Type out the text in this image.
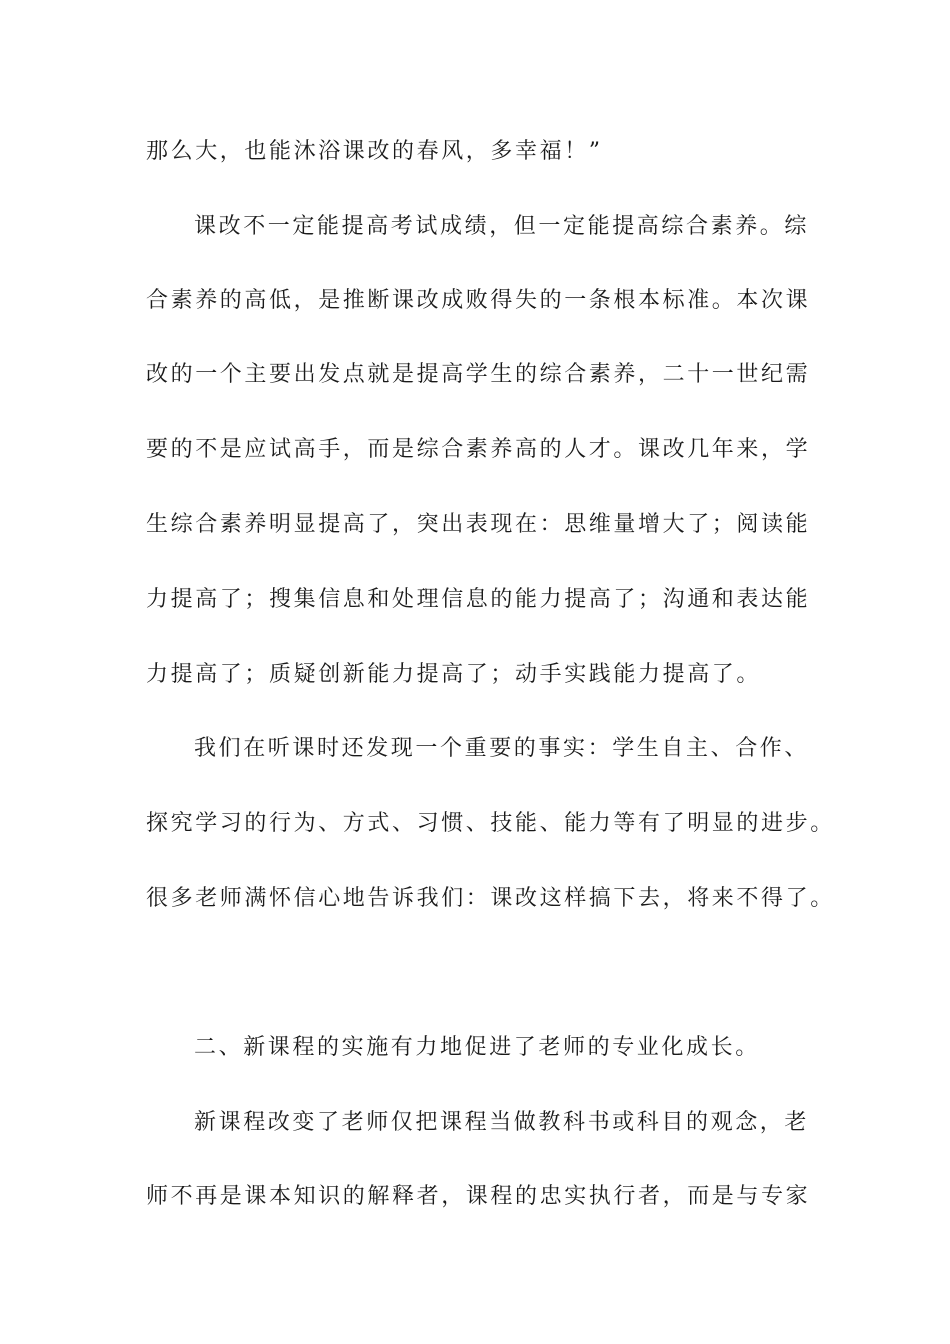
那么大，也能沐浴课改的春风，多幸福！”
课改不一定能提高考试成绩，但一定能提高综合素养。综
合素养的高低，是推断课改成败得失的一条根本标准。本次课
改的一个主要出发点就是提高学生的综合素养，二十一世纪需
要的不是应试高手，而是综合素养高的人才。课改几年来，学
生综合素养明显提高了，突出表现在：思维量增大了；阅读能
力提高了；搜集信息和处理信息的能力提高了；沟通和表达能
力提高了；质疑创新能力提高了；动手实践能力提高了。
我们在听课时还发现一个重要的事实：学生自主、合作、
探究学习的行为、方式、习惯、技能、能力等有了明显的进步。
很多老师满怀信心地告诉我们：课改这样搞下去，将来不得了。
二、新课程的实施有力地促进了老师的专业化成长。
新课程改变了老师仅把课程当做教科书或科目的观念，老
师不再是课本知识的解释者，课程的忠实执行者，而是与专家
